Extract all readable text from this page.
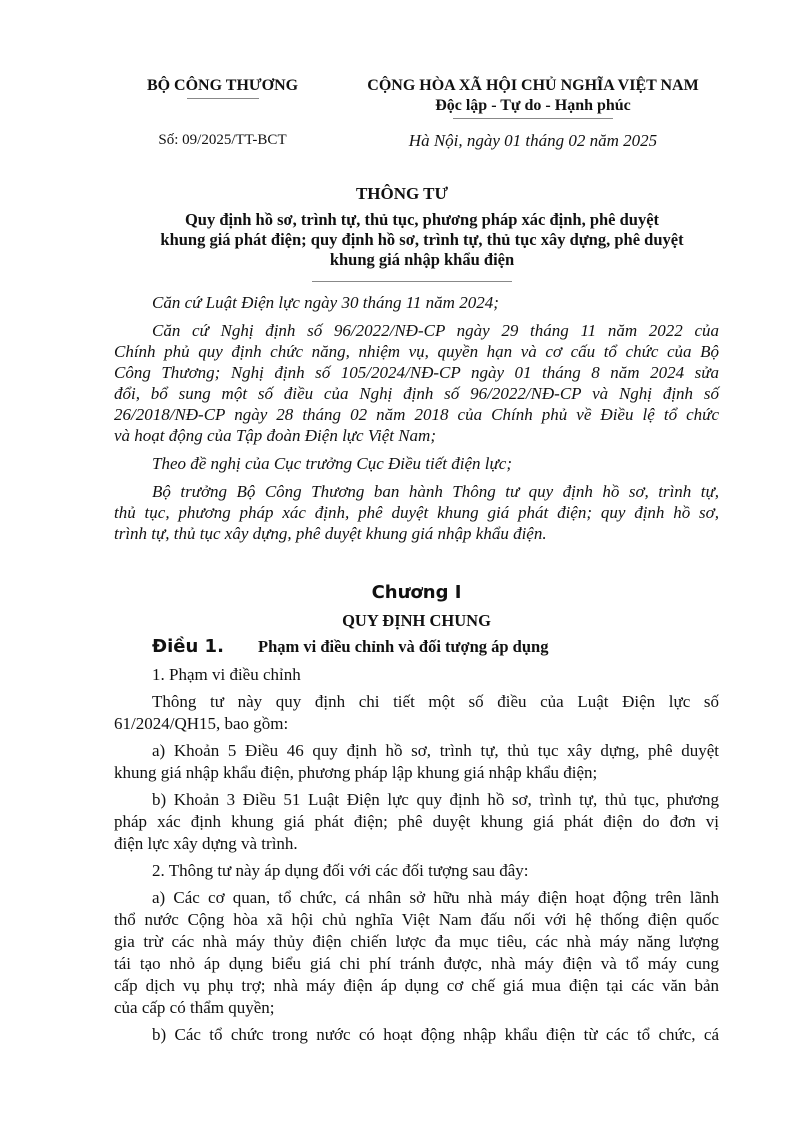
BỘ CÔNG THƯƠNG	CỘNG HÒA XÃ HỘI CHỦ NGHĨA VIỆT NAM
Độc lập - Tự do - Hạnh phúc
Số: 09/2025/TT-BCT	Hà Nội, ngày 01 tháng 02 năm 2025
THÔNG TƯ
Quy định hồ sơ, trình tự, thủ tục, phương pháp xác định, phê duyệt
khung giá phát điện; quy định hồ sơ, trình tự, thủ tục xây dựng, phê duyệt
khung giá nhập khẩu điện

Căn cứ Luật Điện lực ngày 30 tháng 11 năm 2024;

Căn cứ Nghị định số 96/2022/NĐ-CP ngày 29 tháng 11 năm 2022 của
Chính phủ quy định chức năng, nhiệm vụ, quyền hạn và cơ cấu tổ chức của Bộ
Công Thương; Nghị định số 105/2024/NĐ-CP ngày 01 tháng 8 năm 2024 sửa
đổi, bổ sung một số điều của Nghị định số 96/2022/NĐ-CP và Nghị định số
26/2018/NĐ-CP ngày 28 tháng 02 năm 2018 của Chính phủ về Điều lệ tổ chức
và hoạt động của Tập đoàn Điện lực Việt Nam;

Theo đề nghị của Cục trưởng Cục Điều tiết điện lực;

Bộ trưởng Bộ Công Thương ban hành Thông tư quy định hồ sơ, trình tự,
thủ tục, phương pháp xác định, phê duyệt khung giá phát điện; quy định hồ sơ,
trình tự, thủ tục xây dựng, phê duyệt khung giá nhập khẩu điện.

Chương I
QUY ĐỊNH CHUNG
Điều 1. Phạm vi điều chỉnh và đối tượng áp dụng

1. Phạm vi điều chỉnh

Thông tư này quy định chi tiết một số điều của Luật Điện lực số
61/2024/QH15, bao gồm:

a) Khoản 5 Điều 46 quy định hồ sơ, trình tự, thủ tục xây dựng, phê duyệt
khung giá nhập khẩu điện, phương pháp lập khung giá nhập khẩu điện;

b) Khoản 3 Điều 51 Luật Điện lực quy định hồ sơ, trình tự, thủ tục, phương
pháp xác định khung giá phát điện; phê duyệt khung giá phát điện do đơn vị
điện lực xây dựng và trình.

2. Thông tư này áp dụng đối với các đối tượng sau đây:

a) Các cơ quan, tổ chức, cá nhân sở hữu nhà máy điện hoạt động trên lãnh
thổ nước Cộng hòa xã hội chủ nghĩa Việt Nam đấu nối với hệ thống điện quốc
gia trừ các nhà máy thủy điện chiến lược đa mục tiêu, các nhà máy năng lượng
tái tạo nhỏ áp dụng biểu giá chi phí tránh được, nhà máy điện và tổ máy cung
cấp dịch vụ phụ trợ; nhà máy điện áp dụng cơ chế giá mua điện tại các văn bản
của cấp có thẩm quyền;

b) Các tổ chức trong nước có hoạt động nhập khẩu điện từ các tổ chức, cá
